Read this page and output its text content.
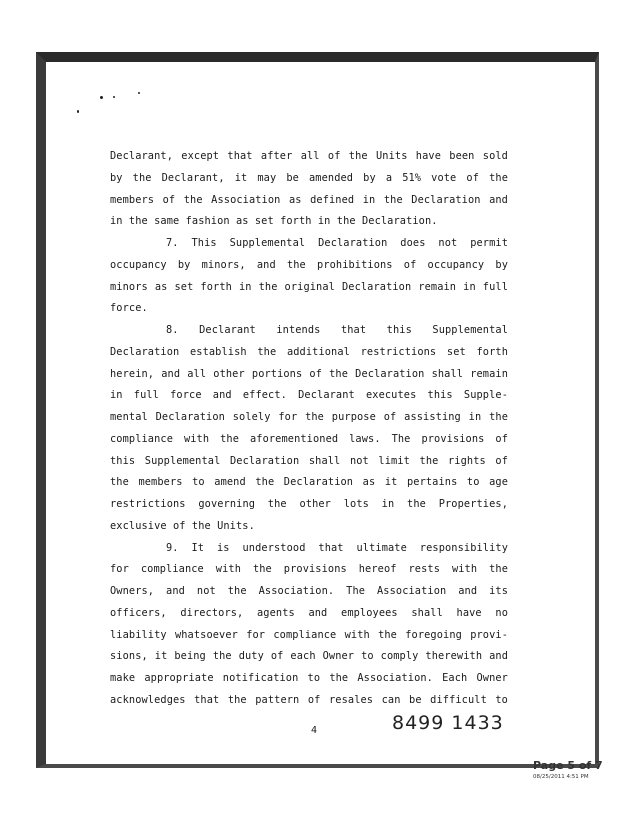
Declarant, except that after all of the Units have been sold
by the Declarant, it may be amended by a 51% vote of the
members of the Association as defined in the Declaration and
in the same fashion as set forth in the Declaration.
7. This Supplemental Declaration does not permit
occupancy by minors, and the prohibitions of occupancy by
minors as set forth in the original Declaration remain in full
force.
8. Declarant intends that this Supplemental
Declaration establish the additional restrictions set forth
herein, and all other portions of the Declaration shall remain
in full force and effect. Declarant executes this Supple-
mental Declaration solely for the purpose of assisting in the
compliance with the aforementioned laws. The provisions of
this Supplemental Declaration shall not limit the rights of
the members to amend the Declaration as it pertains to age
restrictions governing the other lots in the Properties,
exclusive of the Units.
9. It is understood that ultimate responsibility
for compliance with the provisions hereof rests with the
Owners, and not the Association. The Association and its
officers, directors, agents and employees shall have no
liability whatsoever for compliance with the foregoing provi-
sions, it being the duty of each Owner to comply therewith and
make appropriate notification to the Association. Each Owner
acknowledges that the pattern of resales can be difficult to
4	8499 1433
Page 5 of 7
08/25/2011 4:51 PM
